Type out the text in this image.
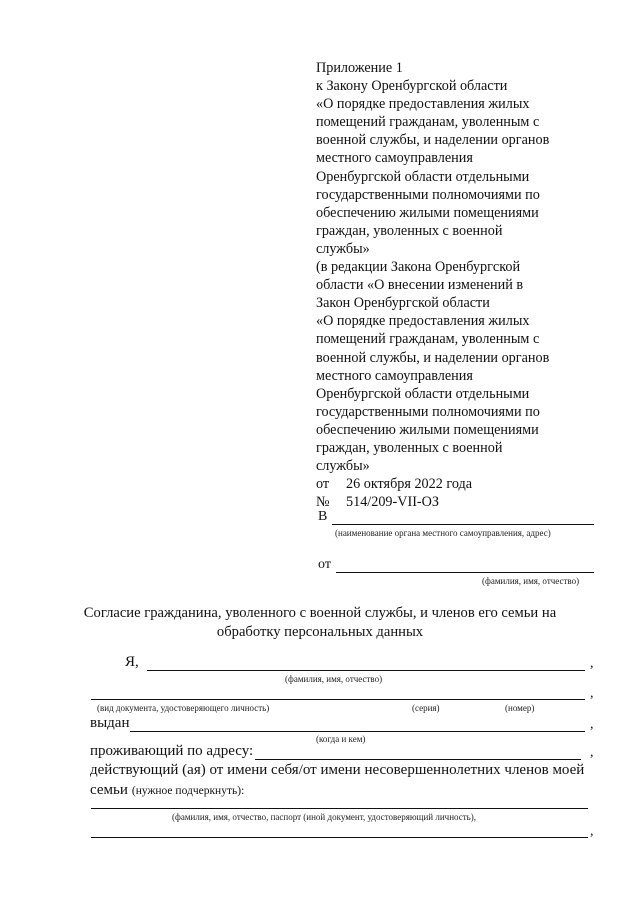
Приложение 1
к Закону Оренбургской области
«О порядке предоставления жилых
помещений гражданам, уволенным с
военной службы, и наделении органов
местного самоуправления
Оренбургской области отдельными
государственными полномочиями по
обеспечению жилыми помещениями
граждан, уволенных с военной
службы»
(в редакции Закона Оренбургской
области «О внесении изменений в
Закон Оренбургской области
«О порядке предоставления жилых
помещений гражданам, уволенным с
военной службы, и наделении органов
местного самоуправления
Оренбургской области отдельными
государственными полномочиями по
обеспечению жилыми помещениями
граждан, уволенных с военной
службы»
от 26 октября 2022 года
№ 514/209-VII-ОЗ
В
(наименование органа местного самоуправления, адрес)
от
(фамилия, имя, отчество)
Согласие гражданина, уволенного с военной службы, и членов его семьи на
обработку персональных данных
Я,	,
(фамилия, имя, отчество)
,
(вид документа, удостоверяющего личность)	(серия)	(номер)
выдан	,
(когда и кем)
проживающий по адресу:	,
действующий (ая) от имени себя/от имени несовершеннолетних членов моей
семьи (нужное подчеркнуть):
(фамилия, имя, отчество, паспорт (иной документ, удостоверяющий личность),
,
